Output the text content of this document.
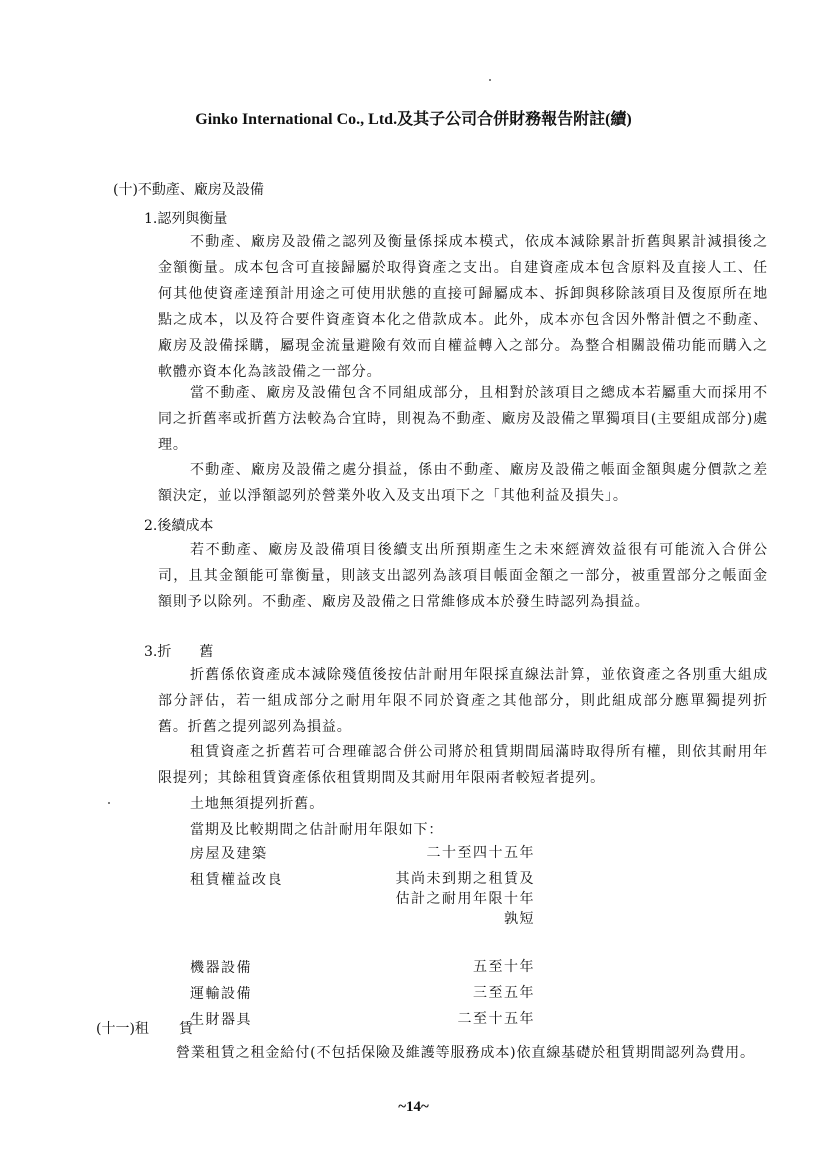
Ginko International Co., Ltd.及其子公司合併財務報告附註(續)
(十)不動產、廠房及設備
1.認列與衡量
不動產、廠房及設備之認列及衡量係採成本模式，依成本減除累計折舊與累計減損後之金額衡量。成本包含可直接歸屬於取得資產之支出。自建資產成本包含原料及直接人工、任何其他使資產達預計用途之可使用狀態的直接可歸屬成本、拆卸與移除該項目及復原所在地點之成本，以及符合要件資產資本化之借款成本。此外，成本亦包含因外幣計價之不動產、廠房及設備採購，屬現金流量避險有效而自權益轉入之部分。為整合相關設備功能而購入之軟體亦資本化為該設備之一部分。
當不動產、廠房及設備包含不同組成部分，且相對於該項目之總成本若屬重大而採用不同之折舊率或折舊方法較為合宜時，則視為不動產、廠房及設備之單獨項目(主要組成部分)處理。
不動產、廠房及設備之處分損益，係由不動產、廠房及設備之帳面金額與處分價款之差額決定，並以淨額認列於營業外收入及支出項下之「其他利益及損失」。
2.後續成本
若不動產、廠房及設備項目後續支出所預期產生之未來經濟效益很有可能流入合併公司，且其金額能可靠衡量，則該支出認列為該項目帳面金額之一部分，被重置部分之帳面金額則予以除列。不動產、廠房及設備之日常維修成本於發生時認列為損益。
3.折 舊
折舊係依資產成本減除殘值後按估計耐用年限採直線法計算，並依資產之各別重大組成部分評估，若一組成部分之耐用年限不同於資產之其他部分，則此組成部分應單獨提列折舊。折舊之提列認列為損益。
租賃資產之折舊若可合理確認合併公司將於租賃期間屆滿時取得所有權，則依其耐用年限提列；其餘租賃資產係依租賃期間及其耐用年限兩者較短者提列。
土地無須提列折舊。
當期及比較期間之估計耐用年限如下：
房屋及建築	二十至四十五年
租賃權益改良	其尚未到期之租賃及估計之耐用年限十年孰短
機器設備	五至十年
運輸設備	三至五年
生財器具	二至十五年
(十一)租 賃
營業租賃之租金給付(不包括保險及維護等服務成本)依直線基礎於租賃期間認列為費用。
~14~
